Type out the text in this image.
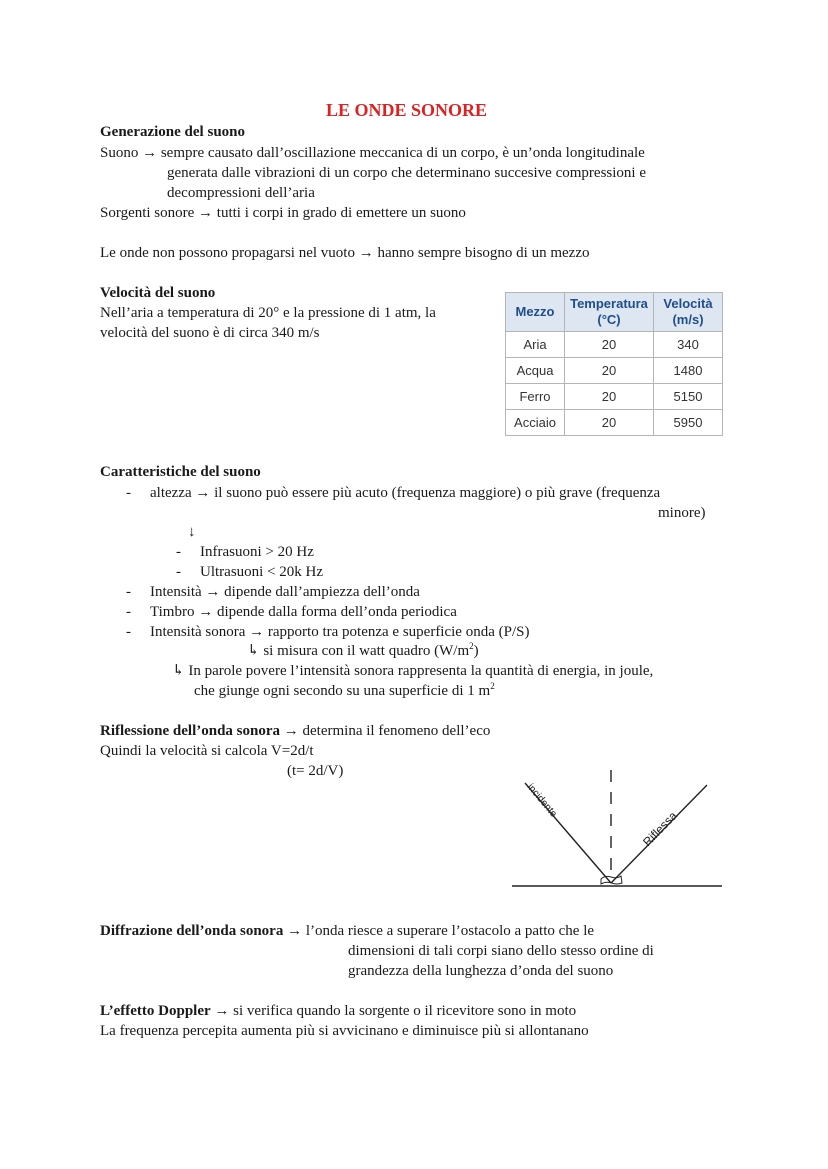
LE ONDE SONORE
Generazione del suono
Suono → sempre causato dall’oscillazione meccanica di un corpo, è un’onda longitudinale
generata dalle vibrazioni di un corpo che determinano succesive compressioni e
decompressioni dell’aria
Sorgenti sonore → tutti i corpi in grado di emettere un suono
Le onde non possono propagarsi nel vuoto → hanno sempre bisogno di un mezzo
Velocità del suono
Nell’aria a temperatura di 20° e la pressione di 1 atm, la
velocità del suono è di circa 340 m/s
Mezzo	Temperatura (°C)	Velocità (m/s)
Aria	20	340
Acqua	20	1480
Ferro	20	5150
Acciaio	20	5950
Caratteristiche del suono
- altezza → il suono può essere più acuto (frequenza maggiore) o più grave (frequenza
minore)
↓
- Infrasuoni > 20 Hz
- Ultrasuoni < 20k Hz
- Intensità → dipende dall’ampiezza dell’onda
- Timbro → dipende dalla forma dell’onda periodica
- Intensità sonora → rapporto tra potenza e superficie onda (P/S)
↳ si misura con il watt quadro $(W/m^2)$
↳ In parole povere l’intensità sonora rappresenta la quantità di energia, in joule,
che giunge ogni secondo su una superficie di 1 $m^2$
Riflessione dell’onda sonora → determina il fenomeno dell’eco
Quindi la velocità si calcola V=2d/t
(t= 2d/V)
incidente
Riflessa
Diffrazione dell’onda sonora → l’onda riesce a superare l’ostacolo a patto che le
dimensioni di tali corpi siano dello stesso ordine di
grandezza della lunghezza d’onda del suono
L’effetto Doppler → si verifica quando la sorgente o il ricevitore sono in moto
La frequenza percepita aumenta più si avvicinano e diminuisce più si allontanano
